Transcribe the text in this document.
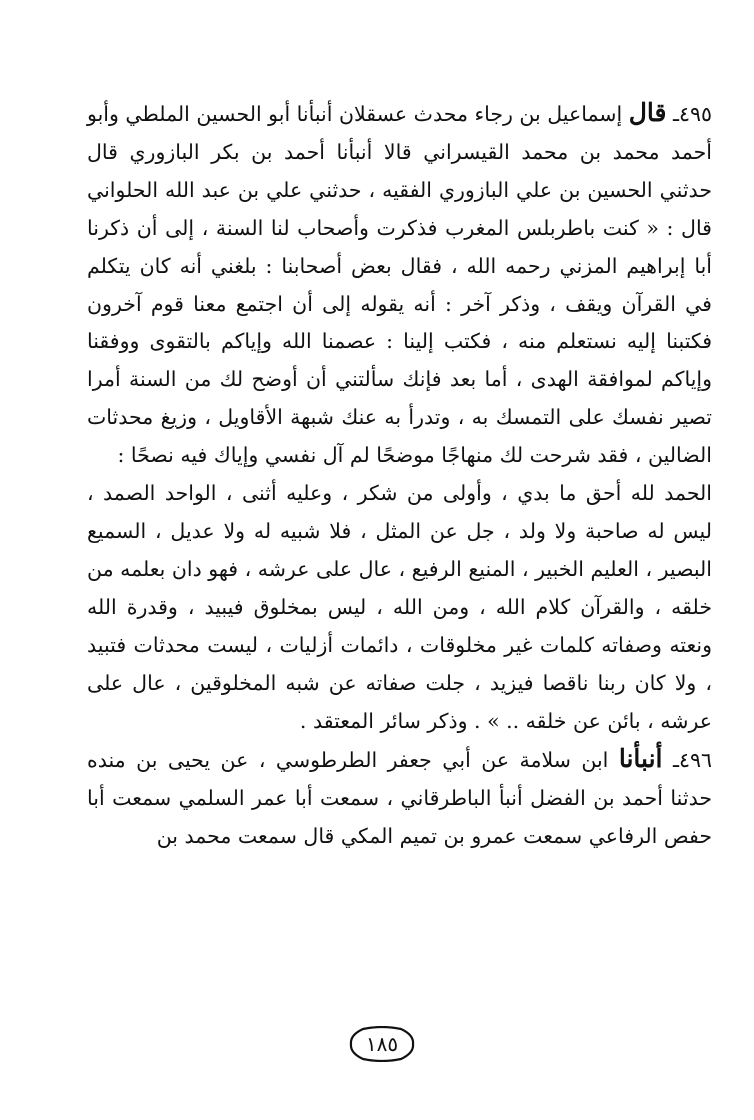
٤٩٥ـ قال إسماعيل بن رجاء محدث عسقلان أنبأنا أبو الحسين الملطي وأبو أحمد محمد بن محمد القيسراني قالا أنبأنا أحمد بن بكر البازوري قال حدثني الحسين بن علي البازوري الفقيه ، حدثني علي بن عبد الله الحلواني قال : « كنت باطربلس المغرب فذكرت وأصحاب لنا السنة ، إلى أن ذكرنا أبا إبراهيم المزني رحمه الله ، فقال بعض أصحابنا : بلغني أنه كان يتكلم في القرآن ويقف ، وذكر آخر : أنه يقوله إلى أن اجتمع معنا قوم آخرون فكتبنا إليه نستعلم منه ، فكتب إلينا : عصمنا الله وإياكم بالتقوى ووفقنا وإياكم لموافقة الهدى ، أما بعد فإنك سألتني أن أوضح لك من السنة أمرا تصير نفسك على التمسك به ، وتدرأ به عنك شبهة الأقاويل ، وزيغ محدثات الضالين ، فقد شرحت لك منهاجًا موضحًا لم آل نفسي وإياك فيه نصحًا :

الحمد لله أحق ما بدي ، وأولى من شكر ، وعليه أثنى ، الواحد الصمد ، ليس له صاحبة ولا ولد ، جل عن المثل ، فلا شبيه له ولا عديل ، السميع البصير ، العليم الخبير ، المنيع الرفيع ، عال على عرشه ، فهو دان بعلمه من خلقه ، والقرآن كلام الله ، ومن الله ، ليس بمخلوق فيبيد ، وقدرة الله ونعته وصفاته كلمات غير مخلوقات ، دائمات أزليات ، ليست محدثات فتبيد ، ولا كان ربنا ناقصا فيزيد ، جلت صفاته عن شبه المخلوقين ، عال على عرشه ، بائن عن خلقه .. » . وذكر سائر المعتقد .

٤٩٦ـ أنبأنا ابن سلامة عن أبي جعفر الطرطوسي ، عن يحيى بن منده حدثنا أحمد بن الفضل أنبأ الباطرقاني ، سمعت أبا عمر السلمي سمعت أبا حفص الرفاعي سمعت عمرو بن تميم المكي قال سمعت محمد بن

١٨٥
